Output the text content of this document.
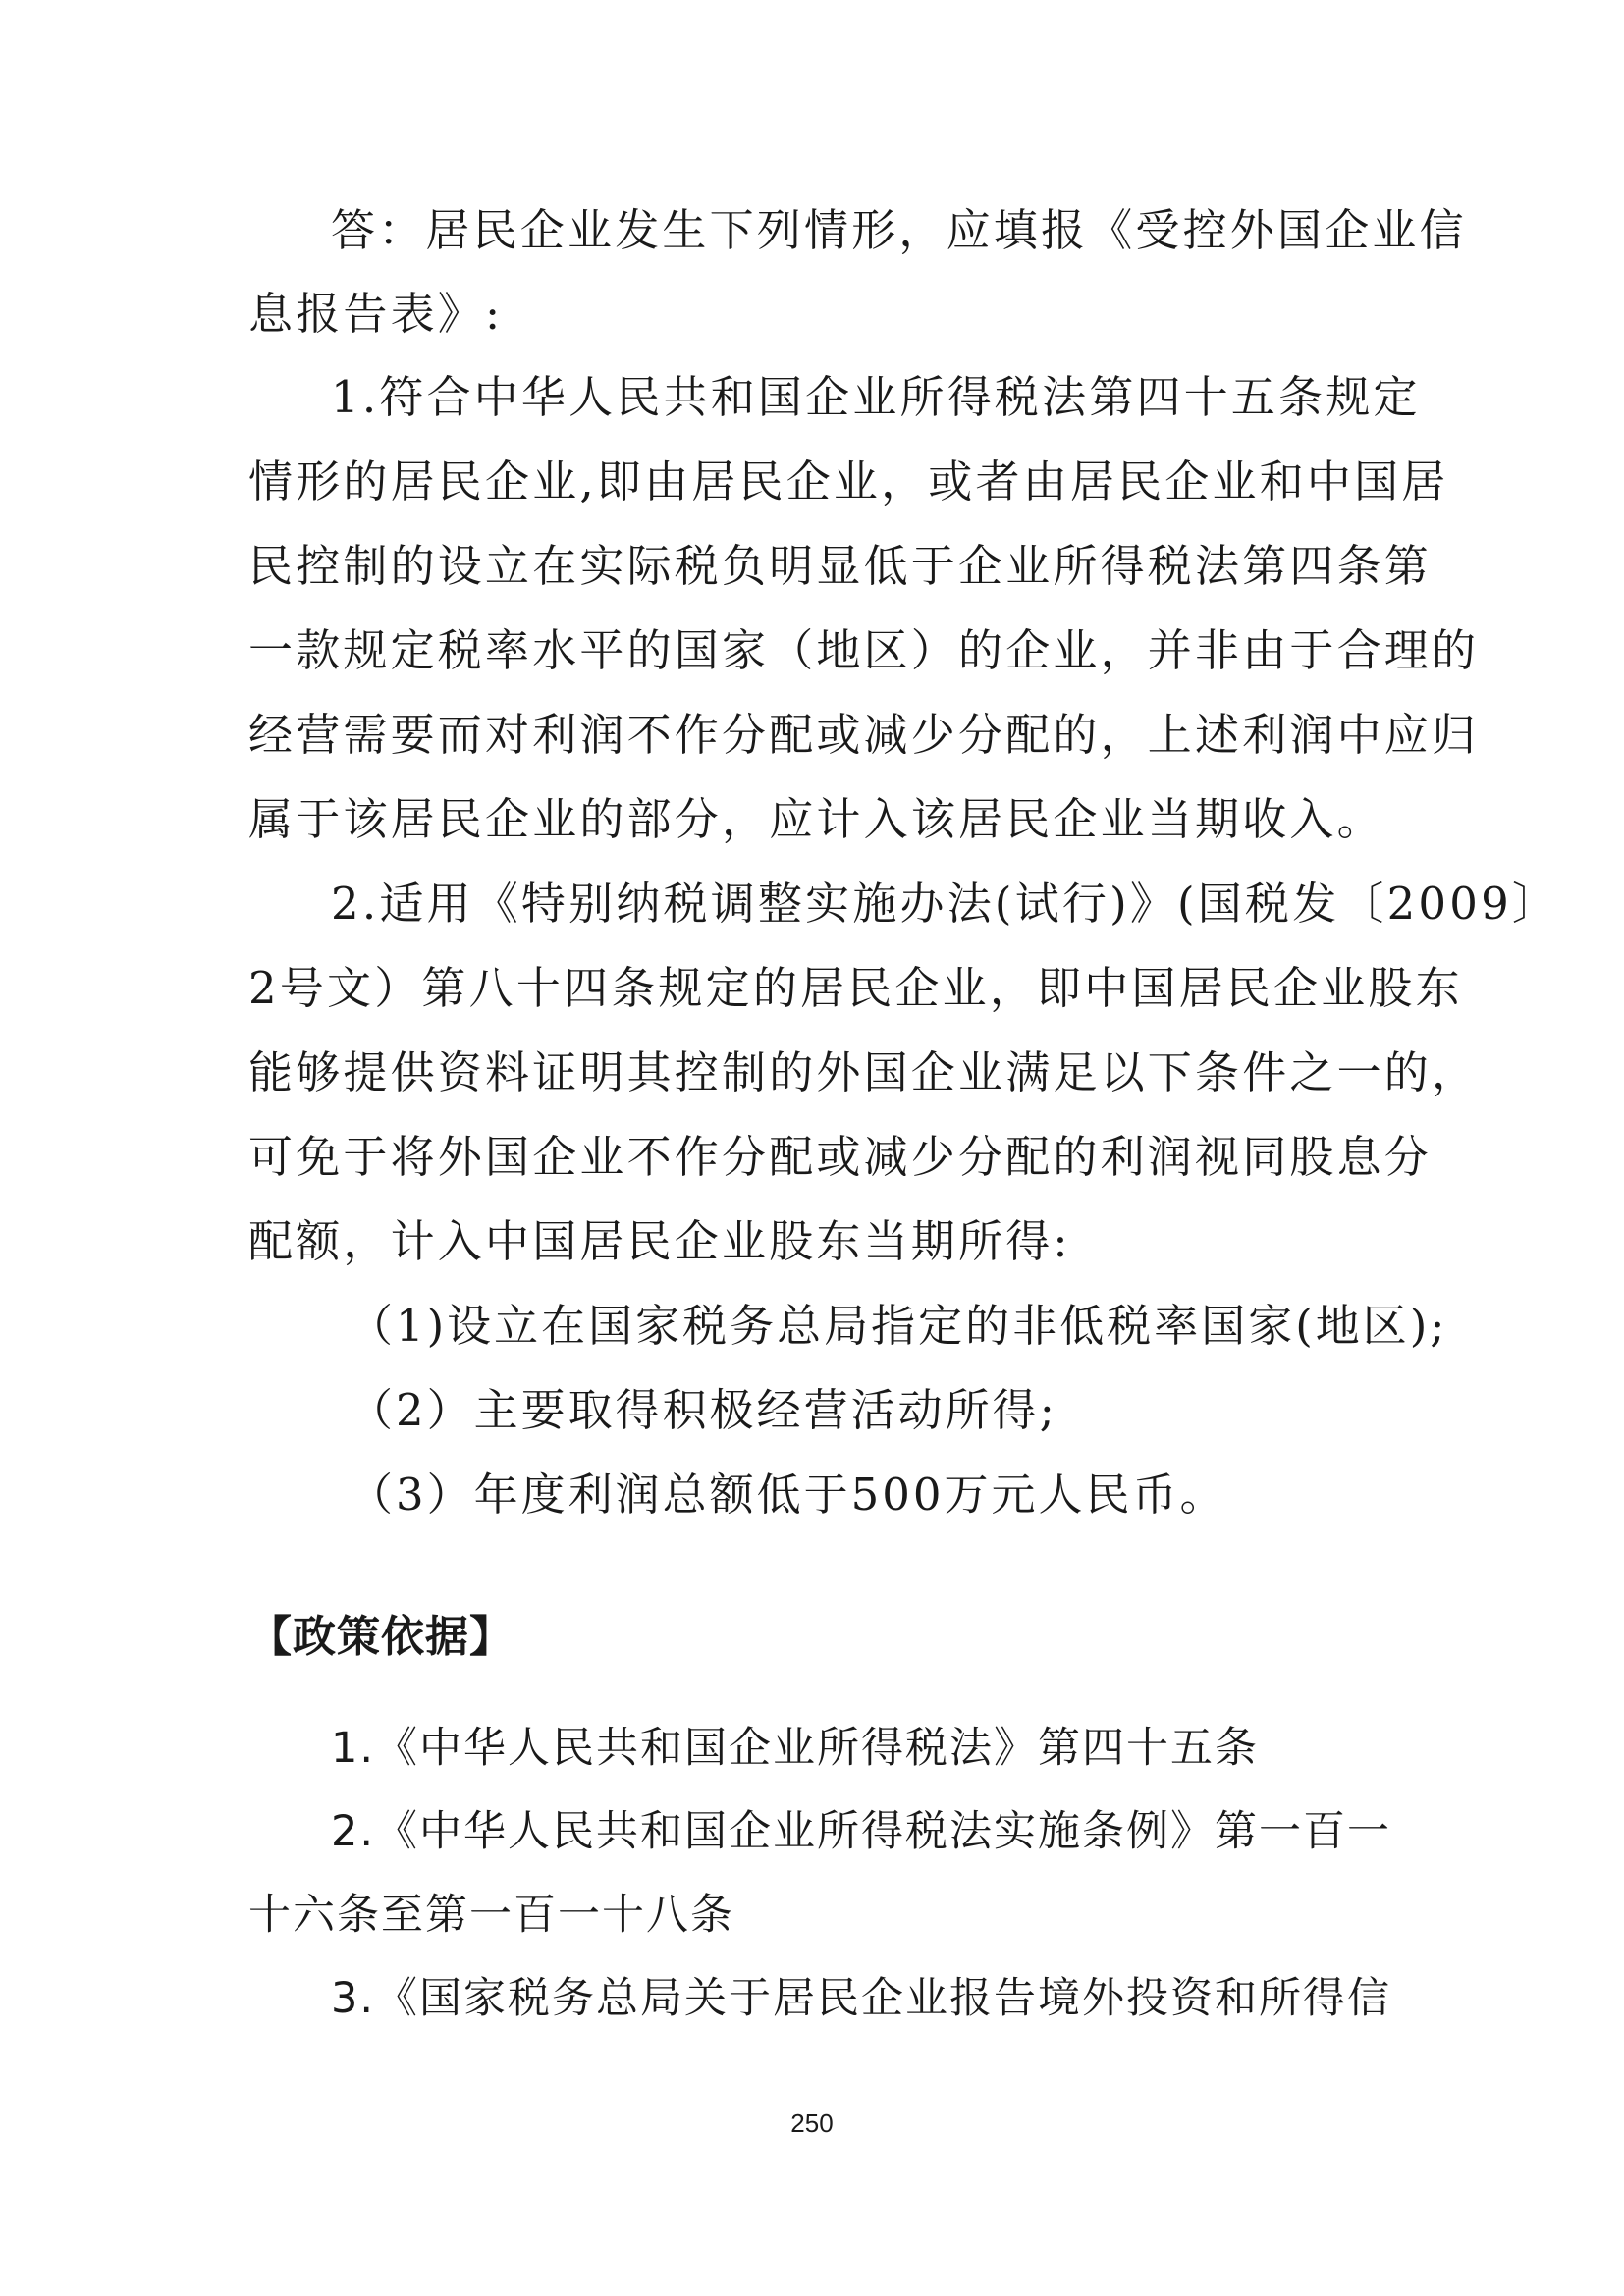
答：居民企业发生下列情形，应填报《受控外国企业信
息报告表》:
1.符合中华人民共和国企业所得税法第四十五条规定
情形的居民企业,即由居民企业，或者由居民企业和中国居
民控制的设立在实际税负明显低于企业所得税法第四条第
一款规定税率水平的国家（地区）的企业，并非由于合理的
经营需要而对利润不作分配或减少分配的，上述利润中应归
属于该居民企业的部分，应计入该居民企业当期收入。
2.适用《特别纳税调整实施办法(试行)》(国税发〔2009〕
2号文）第八十四条规定的居民企业，即中国居民企业股东
能够提供资料证明其控制的外国企业满足以下条件之一的，
可免于将外国企业不作分配或减少分配的利润视同股息分
配额，计入中国居民企业股东当期所得:
（1)设立在国家税务总局指定的非低税率国家(地区);
（2）主要取得积极经营活动所得;
（3）年度利润总额低于500万元人民币。
【政策依据】
1.《中华人民共和国企业所得税法》第四十五条
2.《中华人民共和国企业所得税法实施条例》第一百一
十六条至第一百一十八条
3.《国家税务总局关于居民企业报告境外投资和所得信
250
